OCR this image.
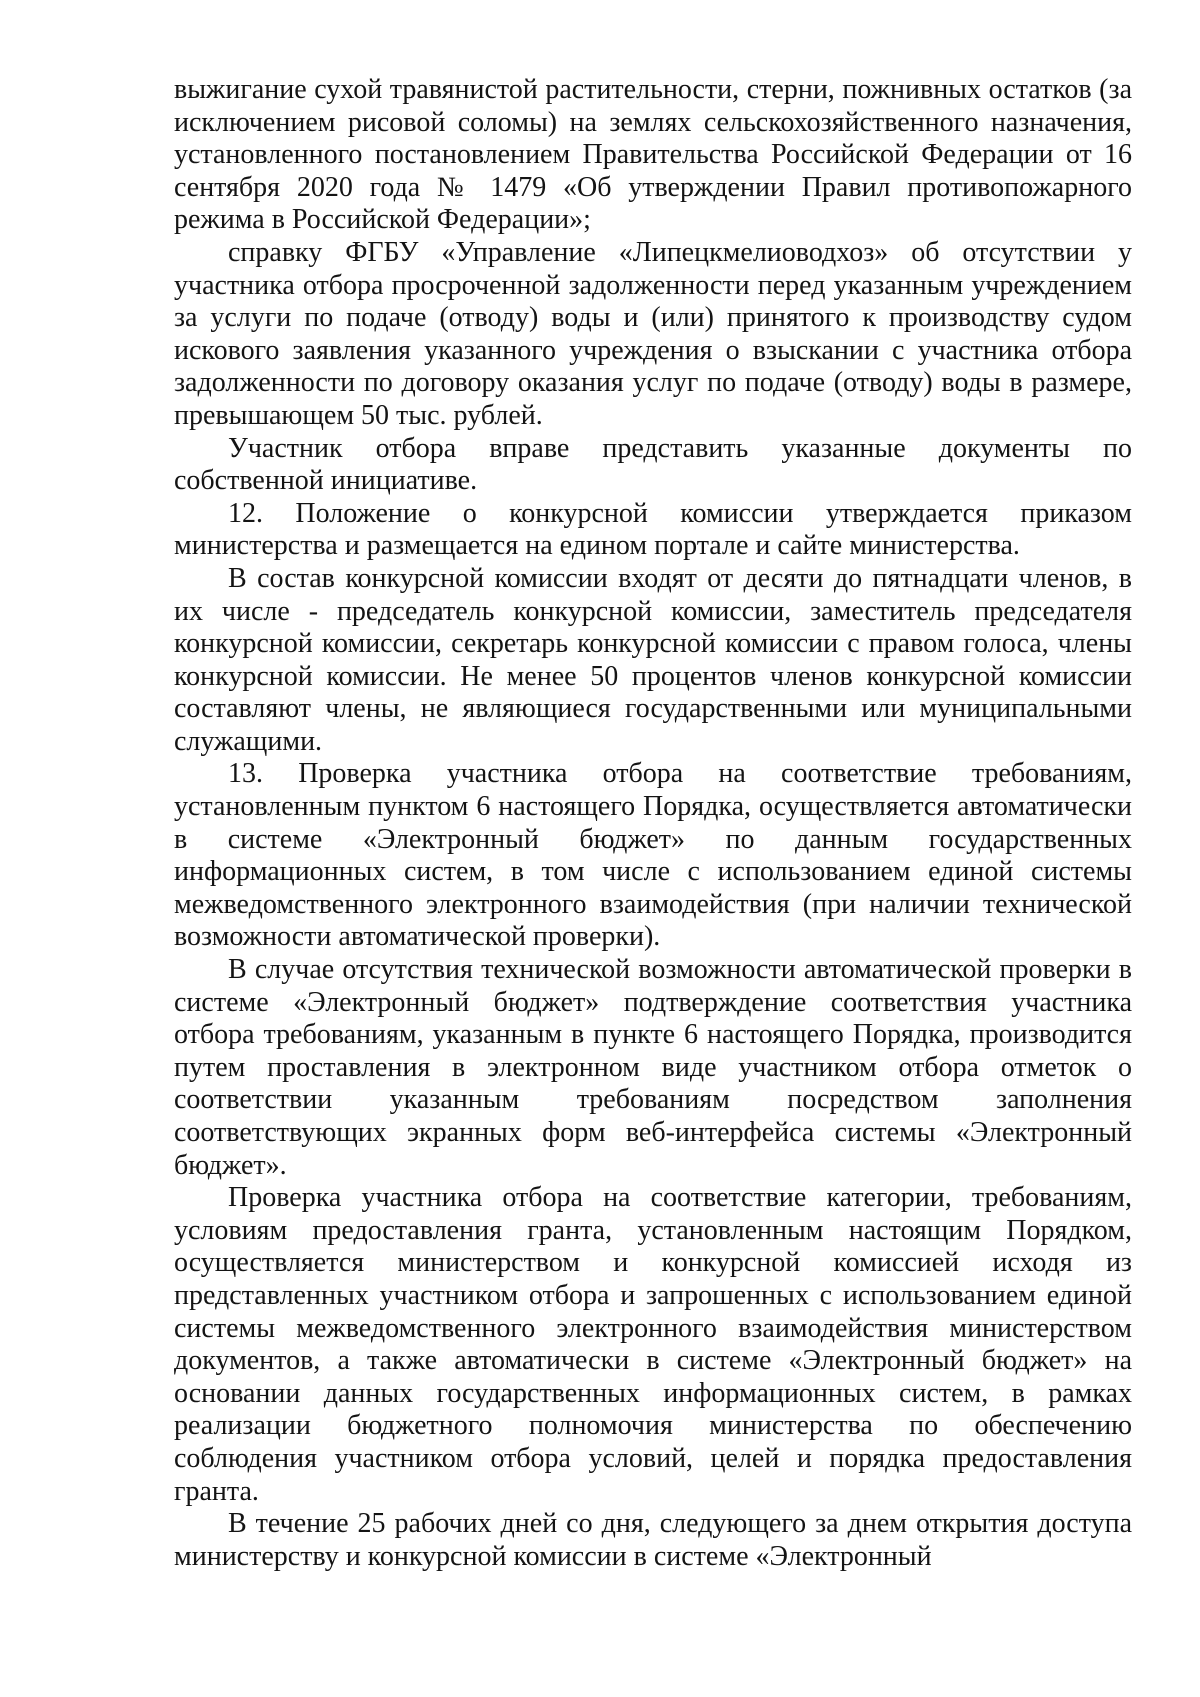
выжигание сухой травянистой растительности, стерни, пожнивных остатков (за исключением рисовой соломы) на землях сельскохозяйственного назначения, установленного постановлением Правительства Российской Федерации от 16 сентября 2020 года № 1479 «Об утверждении Правил противопожарного режима в Российской Федерации»;

справку ФГБУ «Управление «Липецкмелиоводхоз» об отсутствии у участника отбора просроченной задолженности перед указанным учреждением за услуги по подаче (отводу) воды и (или) принятого к производству судом искового заявления указанного учреждения о взыскании с участника отбора задолженности по договору оказания услуг по подаче (отводу) воды в размере, превышающем 50 тыс. рублей.

Участник отбора вправе представить указанные документы по собственной инициативе.

12. Положение о конкурсной комиссии утверждается приказом министерства и размещается на едином портале и сайте министерства.

В состав конкурсной комиссии входят от десяти до пятнадцати членов, в их числе - председатель конкурсной комиссии, заместитель председателя конкурсной комиссии, секретарь конкурсной комиссии с правом голоса, члены конкурсной комиссии. Не менее 50 процентов членов конкурсной комиссии составляют члены, не являющиеся государственными или муниципальными служащими.

13. Проверка участника отбора на соответствие требованиям, установленным пунктом 6 настоящего Порядка, осуществляется автоматически в системе «Электронный бюджет» по данным государственных информационных систем, в том числе с использованием единой системы межведомственного электронного взаимодействия (при наличии технической возможности автоматической проверки).

В случае отсутствия технической возможности автоматической проверки в системе «Электронный бюджет» подтверждение соответствия участника отбора требованиям, указанным в пункте 6 настоящего Порядка, производится путем проставления в электронном виде участником отбора отметок о соответствии указанным требованиям посредством заполнения соответствующих экранных форм веб-интерфейса системы «Электронный бюджет».

Проверка участника отбора на соответствие категории, требованиям, условиям предоставления гранта, установленным настоящим Порядком, осуществляется министерством и конкурсной комиссией исходя из представленных участником отбора и запрошенных с использованием единой системы межведомственного электронного взаимодействия министерством документов, а также автоматически в системе «Электронный бюджет» на основании данных государственных информационных систем, в рамках реализации бюджетного полномочия министерства по обеспечению соблюдения участником отбора условий, целей и порядка предоставления гранта.

В течение 25 рабочих дней со дня, следующего за днем открытия доступа министерству и конкурсной комиссии в системе «Электронный
